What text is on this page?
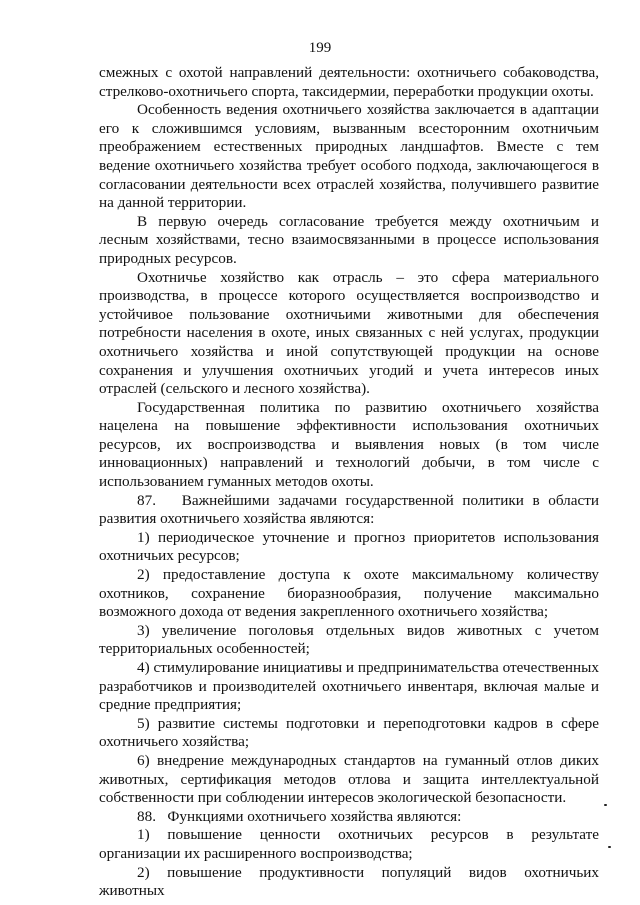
199

смежных с охотой направлений деятельности: охотничьего собаководства, стрелково-охотничьего спорта, таксидермии, переработки продукции охоты.

Особенность ведения охотничьего хозяйства заключается в адаптации его к сложившимся условиям, вызванным всесторонним охотничьим преображением естественных природных ландшафтов. Вместе с тем ведение охотничьего хозяйства требует особого подхода, заключающегося в согласовании деятельности всех отраслей хозяйства, получившего развитие на данной территории.

В первую очередь согласование требуется между охотничьим и лесным хозяйствами, тесно взаимосвязанными в процессе использования природных ресурсов.

Охотничье хозяйство как отрасль – это сфера материального производства, в процессе которого осуществляется воспроизводство и устойчивое пользование охотничьими животными для обеспечения потребности населения в охоте, иных связанных с ней услугах, продукции охотничьего хозяйства и иной сопутствующей продукции на основе сохранения и улучшения охотничьих угодий и учета интересов иных отраслей (сельского и лесного хозяйства).

Государственная политика по развитию охотничьего хозяйства нацелена на повышение эффективности использования охотничьих ресурсов, их воспроизводства и выявления новых (в том числе инновационных) направлений и технологий добычи, в том числе с использованием гуманных методов охоты.

87.   Важнейшими задачами государственной политики в области развития охотничьего хозяйства являются:

1) периодическое уточнение и прогноз приоритетов использования охотничьих ресурсов;

2) предоставление доступа к охоте максимальному количеству охотников, сохранение биоразнообразия, получение максимально возможного дохода от ведения закрепленного охотничьего хозяйства;

3) увеличение поголовья отдельных видов животных с учетом территориальных особенностей;

4) стимулирование инициативы и предпринимательства отечественных разработчиков и производителей охотничьего инвентаря, включая малые и средние предприятия;

5) развитие системы подготовки и переподготовки кадров в сфере охотничьего хозяйства;

6) внедрение международных стандартов на гуманный отлов диких животных, сертификация методов отлова и защита интеллектуальной собственности при соблюдении интересов экологической безопасности.

88.   Функциями охотничьего хозяйства являются:

1) повышение ценности охотничьих ресурсов в результате организации их расширенного воспроизводства;

2) повышение продуктивности популяций видов охотничьих животных
